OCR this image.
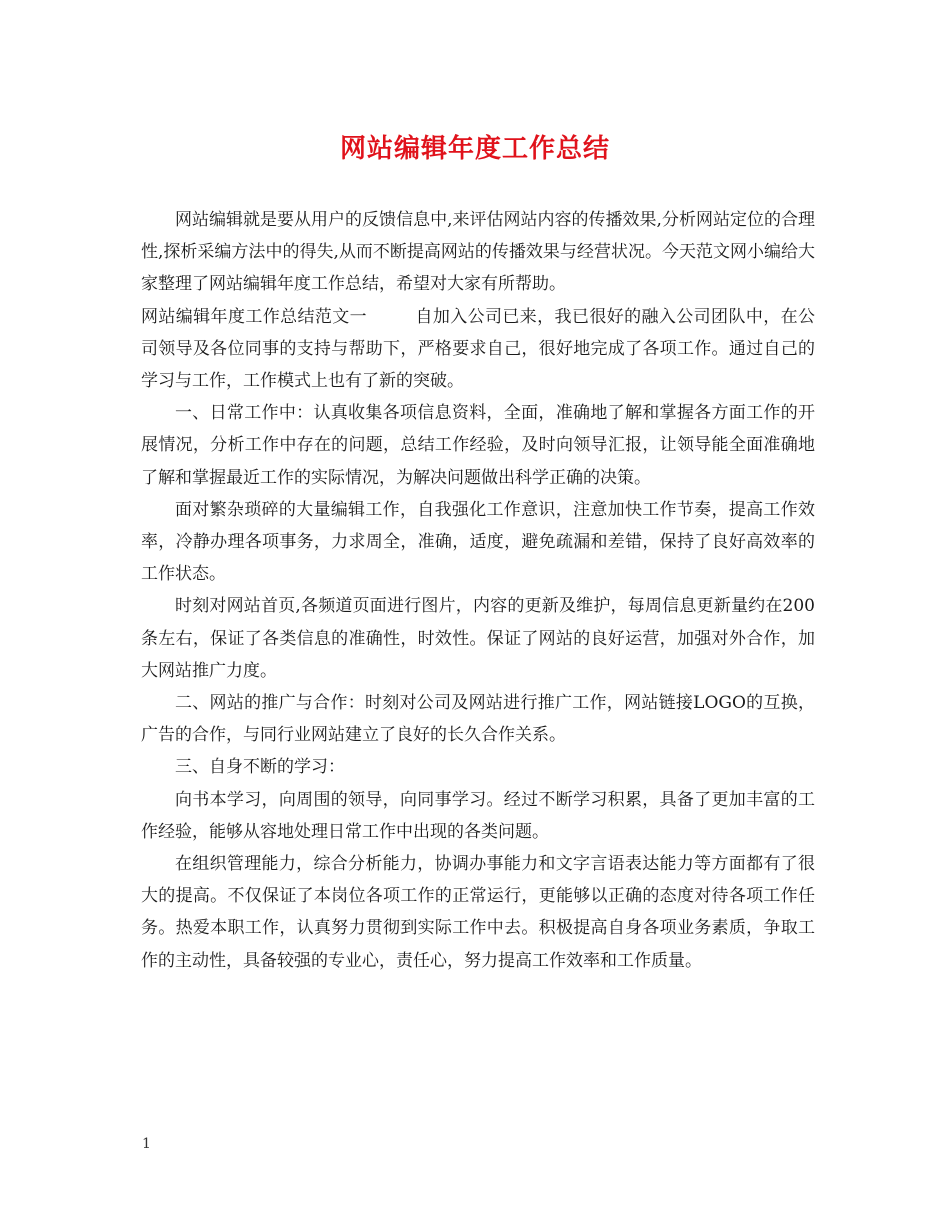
网站编辑年度工作总结

网站编辑就是要从用户的反馈信息中,来评估网站内容的传播效果,分析网站定位的合理性,探析采编方法中的得失,从而不断提高网站的传播效果与经营状况。今天范文网小编给大家整理了网站编辑年度工作总结，希望对大家有所帮助。

网站编辑年度工作总结范文一	自加入公司已来，我已很好的融入公司团队中，在公司领导及各位同事的支持与帮助下，严格要求自己，很好地完成了各项工作。通过自己的学习与工作，工作模式上也有了新的突破。

一、日常工作中：认真收集各项信息资料，全面，准确地了解和掌握各方面工作的开展情况，分析工作中存在的问题，总结工作经验，及时向领导汇报，让领导能全面准确地了解和掌握最近工作的实际情况，为解决问题做出科学正确的决策。

面对繁杂琐碎的大量编辑工作，自我强化工作意识，注意加快工作节奏，提高工作效率，冷静办理各项事务，力求周全，准确，适度，避免疏漏和差错，保持了良好高效率的工作状态。

时刻对网站首页,各频道页面进行图片，内容的更新及维护，每周信息更新量约在200条左右，保证了各类信息的准确性，时效性。保证了网站的良好运营，加强对外合作，加大网站推广力度。

二、网站的推广与合作：时刻对公司及网站进行推广工作，网站链接LOGO的互换，广告的合作，与同行业网站建立了良好的长久合作关系。

三、自身不断的学习：

向书本学习，向周围的领导，向同事学习。经过不断学习积累，具备了更加丰富的工作经验，能够从容地处理日常工作中出现的各类问题。

在组织管理能力，综合分析能力，协调办事能力和文字言语表达能力等方面都有了很大的提高。不仅保证了本岗位各项工作的正常运行，更能够以正确的态度对待各项工作任务。热爱本职工作，认真努力贯彻到实际工作中去。积极提高自身各项业务素质，争取工作的主动性，具备较强的专业心，责任心，努力提高工作效率和工作质量。

1
